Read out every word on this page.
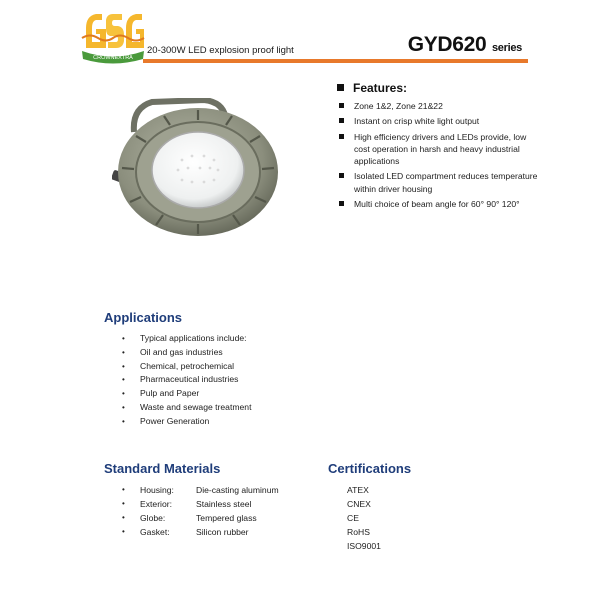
CROWNEXTRA
20-300W LED explosion proof light	GYD620 series
Features:
Zone 1&2, Zone 21&22
Instant on crisp white light output
High efficiency drivers and LEDs provide, low cost operation in harsh and heavy industrial applications
Isolated LED compartment reduces temperature within driver housing
Multi choice of beam angle for 60° 90° 120°
Applications
• Typical applications include:
• Oil and gas industries
• Chemical, petrochemical
• Pharmaceutical industries
• Pulp and Paper
• Waste and sewage treatment
• Power Generation
Standard Materials
• Housing:	Die-casting aluminum
• Exterior:	Stainless steel
• Globe:	Tempered glass
• Gasket:	Silicon rubber
Certifications
ATEX
CNEX
CE
RoHS
ISO9001
